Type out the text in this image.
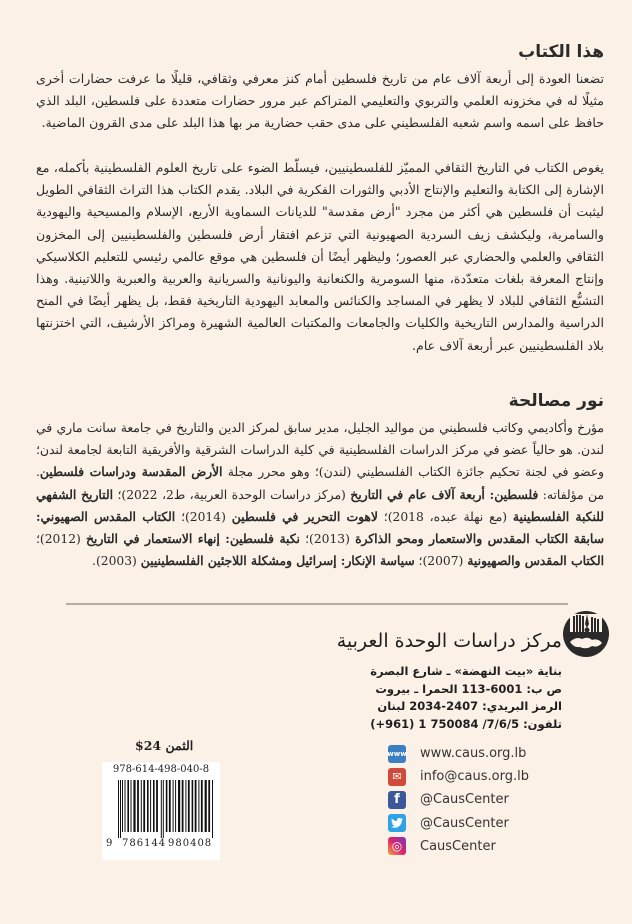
هذا الكتاب
تضعنا العودة إلى أربعة آلاف عام من تاريخ فلسطين أمام كنز معرفي وثقافي، قليلًا ما عرفت حضارات أخرى مثيلًا له في مخزونه العلمي والتربوي والتعليمي المتراكم عبر مرور حضارات متعددة على فلسطين، البلد الذي حافظ على اسمه واسم شعبه الفلسطيني على مدى حقب حضارية مر بها هذا البلد على مدى القرون الماضية.
يغوص الكتاب في التاريخ الثقافي المميّز للفلسطينيين، فيسلّط الضوء على تاريخ العلوم الفلسطينية بأكمله، مع الإشارة إلى الكتابة والتعليم والإنتاج الأدبي والثورات الفكرية في البلاد. يقدم الكتاب هذا التراث الثقافي الطويل ليثبت أن فلسطين هي أكثر من مجرد "أرض مقدسة" للديانات السماوية الأربع، الإسلام والمسيحية واليهودية والسامرية، وليكشف زيف السردية الصهيونية التي تزعم افتقار أرض فلسطين والفلسطينيين إلى المخزون الثقافي والعلمي والحضاري عبر العصور؛ وليظهر أيضًا أن فلسطين هي موقع عالمي رئيسي للتعليم الكلاسيكي وإنتاج المعرفة بلغات متعدّدة، منها السومرية والكنعانية واليونانية والسريانية والعربية والعبرية واللاتينية. وهذا التشبُّع الثقافي للبلاد لا يظهر في المساجد والكنائس والمعابد اليهودية التاريخية فقط، بل يظهر أيضًا في المنح الدراسية والمدارس التاريخية والكليات والجامعات والمكتبات العالمية الشهيرة ومراكز الأرشيف، التي اختزنتها بلاد الفلسطينيين عبر أربعة آلاف عام.
نور مصالحة
مؤرخ وأكاديمي وكاتب فلسطيني من مواليد الجليل، مدير سابق لمركز الدين والتاريخ في جامعة سانت ماري في لندن. هو حالياً عضو في مركز الدراسات الفلسطينية في كلية الدراسات الشرقية والأفريقية التابعة لجامعة لندن؛ وعضو في لجنة تحكيم جائزة الكتاب الفلسطيني (لندن)؛ وهو محرر مجلة الأرض المقدسة ودراسات فلسطين. من مؤلفاته: فلسطين: أربعة آلاف عام في التاريخ (مركز دراسات الوحدة العربية، ط2، 2022)؛ التاريخ الشفهي للنكبة الفلسطينية (مع نهلة عبده، 2018)؛ لاهوت التحرير في فلسطين (2014)؛ الكتاب المقدس الصهيوني: سابقة الكتاب المقدس والاستعمار ومحو الذاكرة (2013)؛ نكبة فلسطين: إنهاء الاستعمار في التاريخ (2012)؛ الكتاب المقدس والصهيونية (2007)؛ سياسة الإنكار: إسرائيل ومشكلة اللاجئين الفلسطينيين (2003).
مركز دراسات الوحدة العربية
بناية «بيت النهضة» ـ شارع البصرة
ص ب: 6001-113 الحمرا ـ بيروت
الرمز البريدي: 2407-2034 لبنان
تلفون: 7/6/5/ 750084 1 (961+)
www www.caus.org.lb
✉	info@caus.org.lb
f	@CausCenter
@CausCenter
◎ CausCenter
الثمن 24$
978-614-498-040-8
9 786144 980408
